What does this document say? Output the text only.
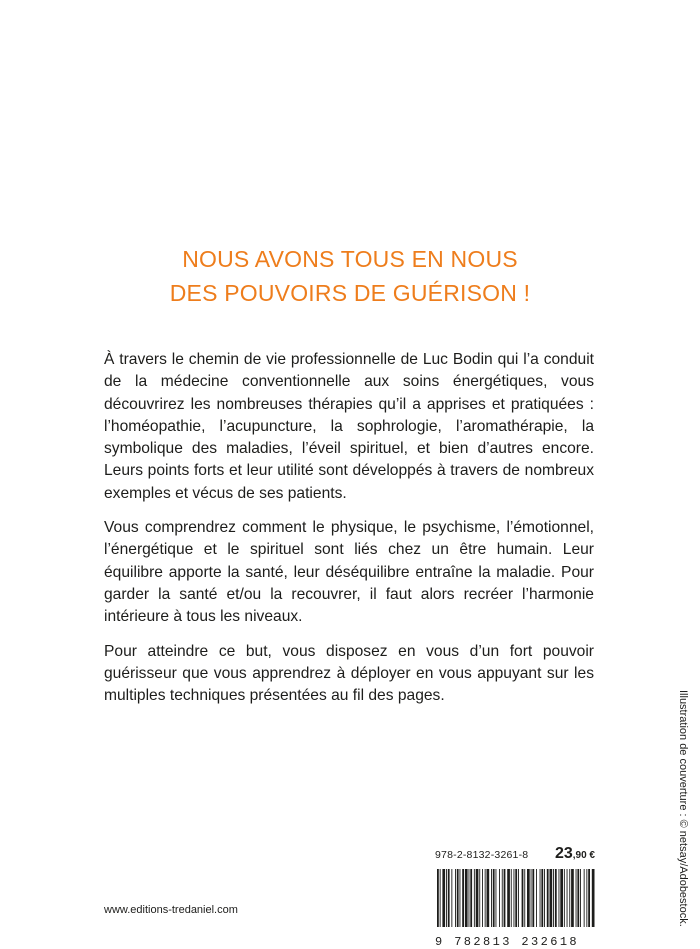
NOUS AVONS TOUS EN NOUS
DES POUVOIRS DE GUÉRISON !

À travers le chemin de vie professionnelle de Luc Bodin qui l’a conduit de la médecine conventionnelle aux soins énergétiques, vous découvrirez les nombreuses thérapies qu’il a apprises et pratiquées : l’homéopathie, l’acupuncture, la sophrologie, l’aromathérapie, la symbolique des maladies, l’éveil spirituel, et bien d’autres encore. Leurs points forts et leur utilité sont développés à travers de nombreux exemples et vécus de ses patients.

Vous comprendrez comment le physique, le psychisme, l’émotionnel, l’énergétique et le spirituel sont liés chez un être humain. Leur équilibre apporte la santé, leur déséquilibre entraîne la maladie. Pour garder la santé et/ou la recouvrer, il faut alors recréer l’harmonie intérieure à tous les niveaux.

Pour atteindre ce but, vous disposez en vous d’un fort pouvoir guérisseur que vous apprendrez à déployer en vous appuyant sur les multiples techniques présentées au fil des pages.

978-2-8132-3261-8 23,90 €
9 782813 232618
www.editions-tredaniel.com	Illustration de couverture : © netsay/Adobestock.
